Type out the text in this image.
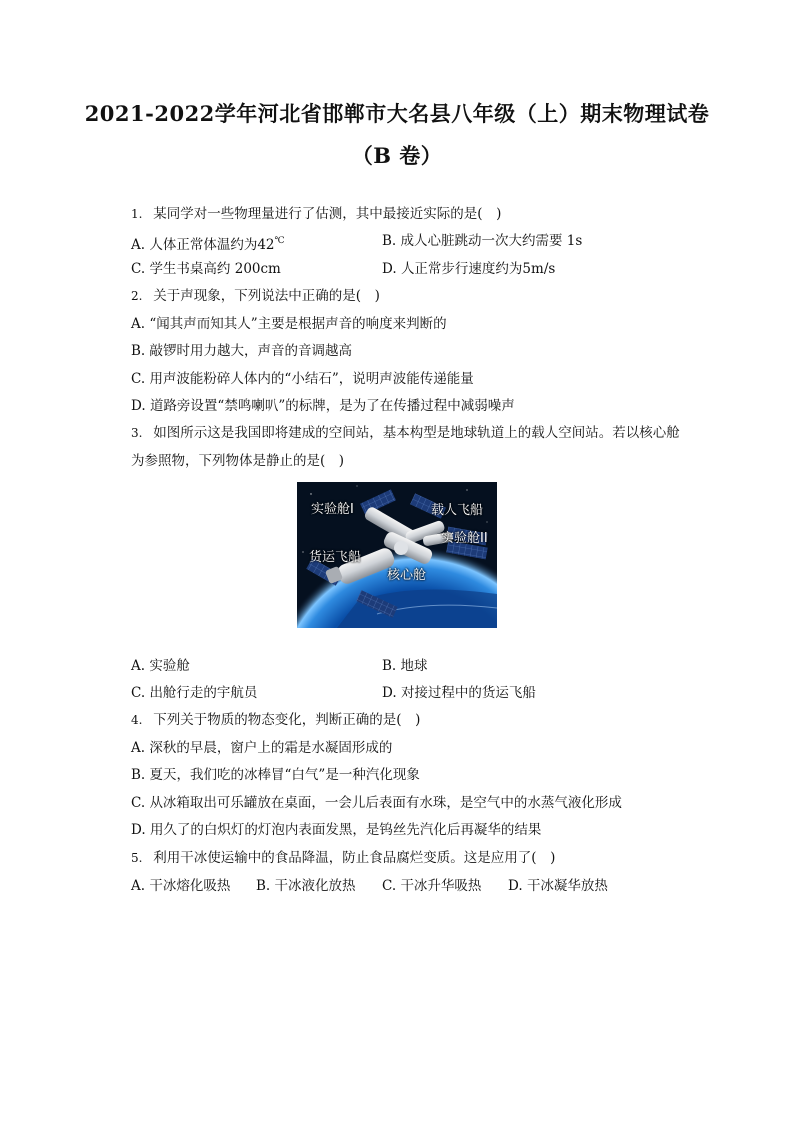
2021-2022学年河北省邯郸市大名县八年级（上）期末物理试卷
（B 卷）
1. 某同学对一些物理量进行了估测，其中最接近实际的是(　)
A. 人体正常体温约为42℃	B. 成人心脏跳动一次大约需要 1s
C. 学生书桌高约 200cm	D. 人正常步行速度约为5m/s
2. 关于声现象，下列说法中正确的是(　)
A. “闻其声而知其人”主要是根据声音的响度来判断的
B. 敲锣时用力越大，声音的音调越高
C. 用声波能粉碎人体内的“小结石”，说明声波能传递能量
D. 道路旁设置“禁鸣喇叭”的标牌，是为了在传播过程中减弱噪声
3. 如图所示这是我国即将建成的空间站，基本构型是地球轨道上的载人空间站。若以核心舱
为参照物，下列物体是静止的是(　)
实验舱I	载人飞船
实验舱II
货运飞船
核心舱
A. 实验舱	B. 地球
C. 出舱行走的宇航员	D. 对接过程中的货运飞船
4. 下列关于物质的物态变化，判断正确的是(　)
A. 深秋的早晨，窗户上的霜是水凝固形成的
B. 夏天，我们吃的冰棒冒“白气”是一种汽化现象
C. 从冰箱取出可乐罐放在桌面，一会儿后表面有水珠，是空气中的水蒸气液化形成
D. 用久了的白炽灯的灯泡内表面发黑，是钨丝先汽化后再凝华的结果
5. 利用干冰使运输中的食品降温，防止食品腐烂变质。这是应用了(　)
A. 干冰熔化吸热 B. 干冰液化放热 C. 干冰升华吸热 D. 干冰凝华放热
